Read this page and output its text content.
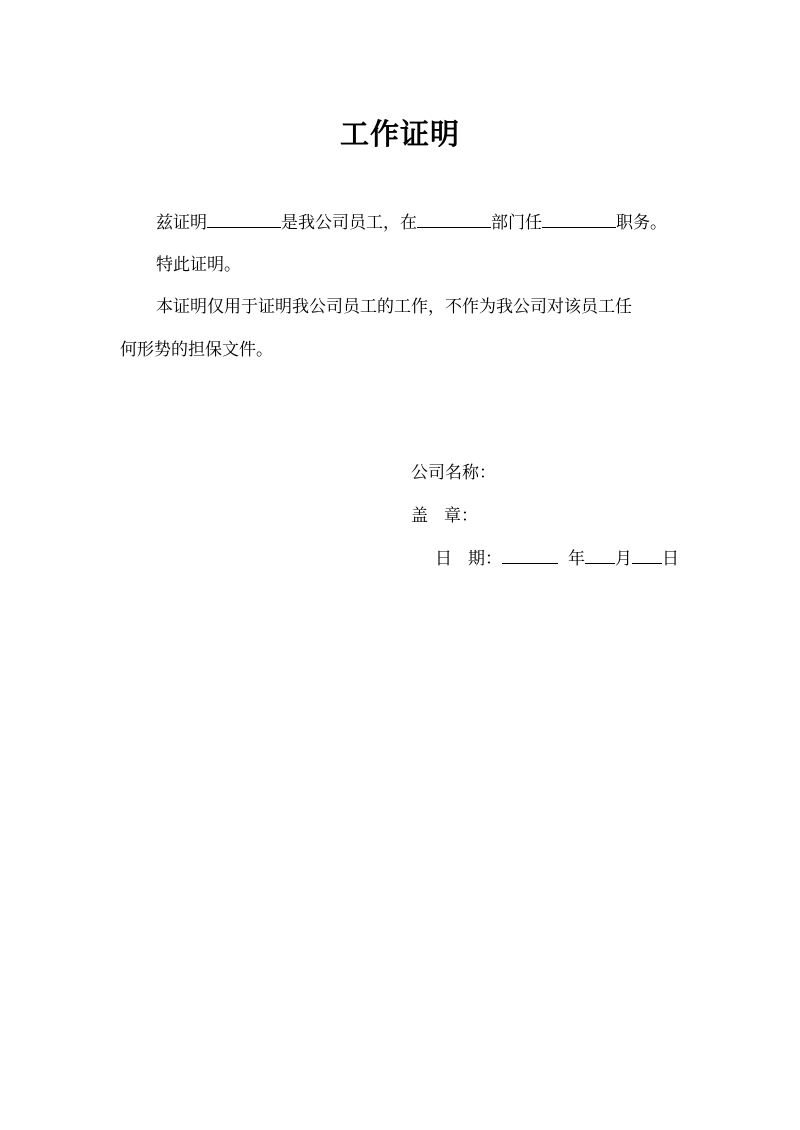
工作证明
兹证明	是我公司员工，在	部门任	职务。
特此证明。
本证明仅用于证明我公司员工的工作，不作为我公司对该员工任
何形势的担保文件。
公司名称：
盖 章：
日 期：	年 月 日
